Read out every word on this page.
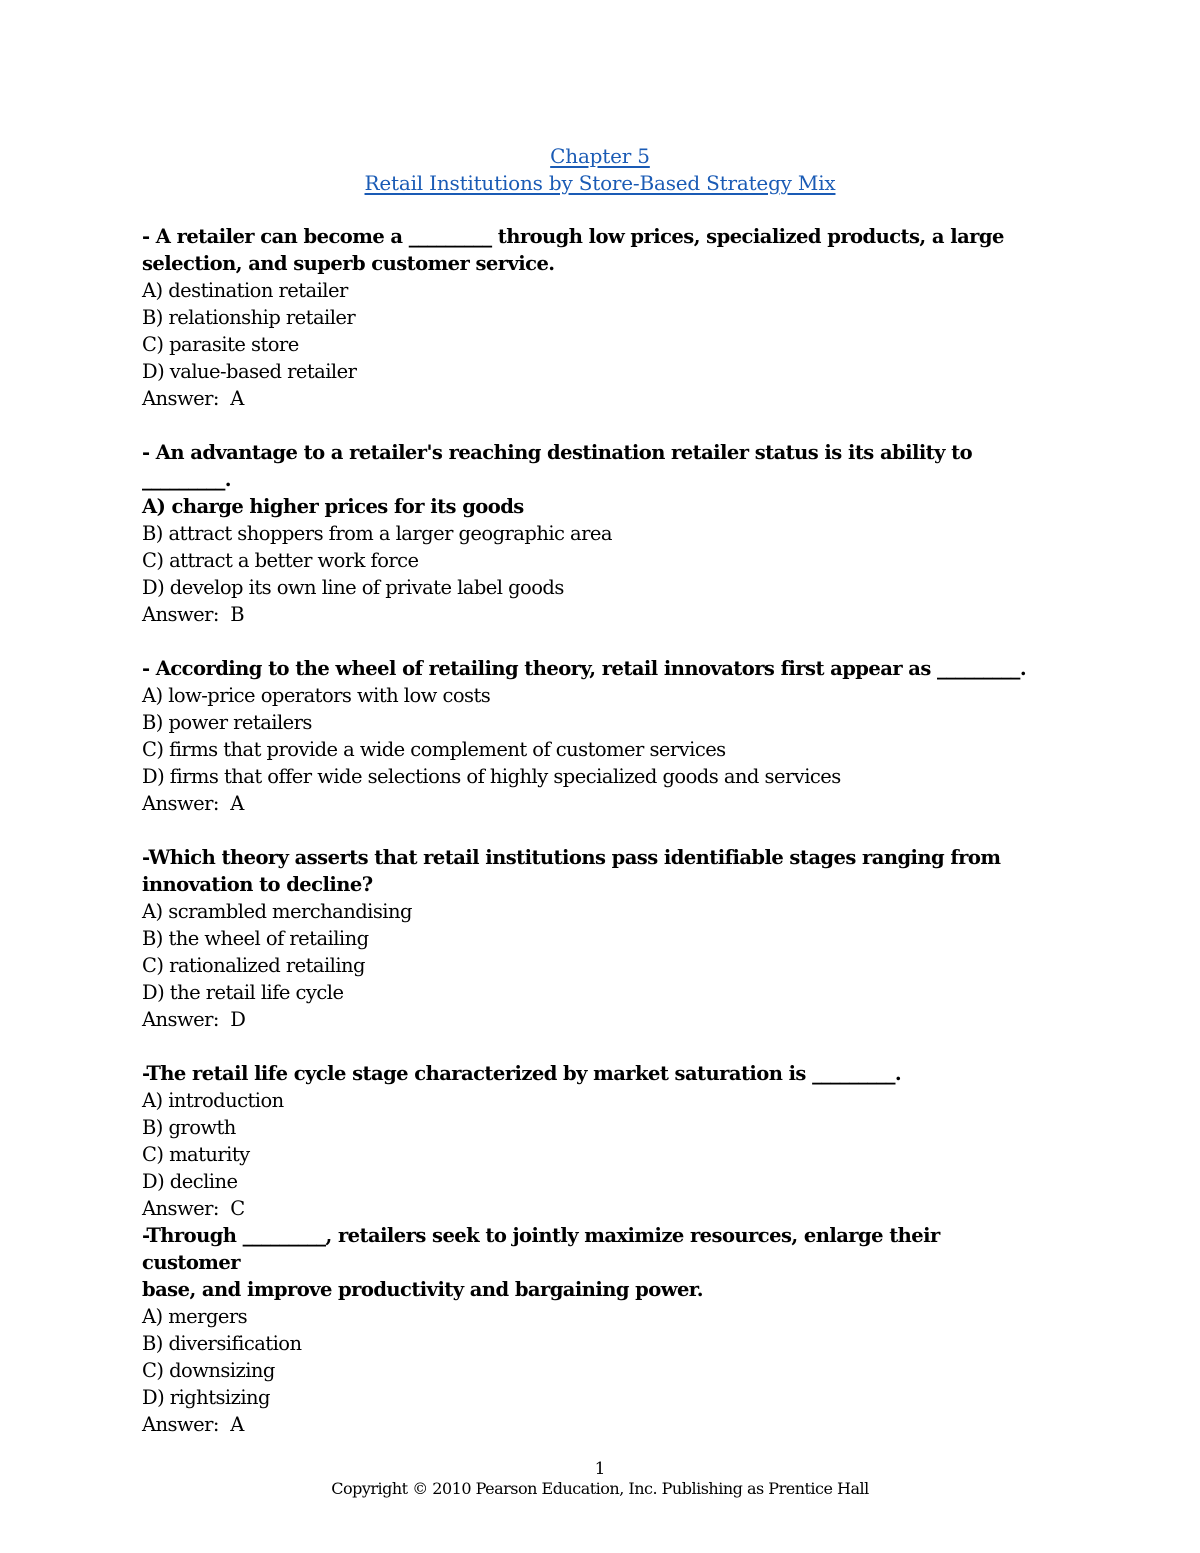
Chapter 5
Retail Institutions by Store-Based Strategy Mix
- A retailer can become a _________ through low prices, specialized products, a large
selection, and superb customer service.
A) destination retailer
B) relationship retailer
C) parasite store
D) value-based retailer
Answer:  A
- An advantage to a retailer's reaching destination retailer status is its ability to _________.
A) charge higher prices for its goods
B) attract shoppers from a larger geographic area
C) attract a better work force
D) develop its own line of private label goods
Answer:  B
- According to the wheel of retailing theory, retail innovators first appear as _________.
A) low-price operators with low costs
B) power retailers
C) firms that provide a wide complement of customer services
D) firms that offer wide selections of highly specialized goods and services
Answer:  A
-Which theory asserts that retail institutions pass identifiable stages ranging from
innovation to decline?
A) scrambled merchandising
B) the wheel of retailing
C) rationalized retailing
D) the retail life cycle
Answer:  D
-The retail life cycle stage characterized by market saturation is _________.
A) introduction
B) growth
C) maturity
D) decline
Answer:  C
-Through _________, retailers seek to jointly maximize resources, enlarge their customer
base, and improve productivity and bargaining power.
A) mergers
B) diversification
C) downsizing
D) rightsizing
Answer:  A
1
Copyright © 2010 Pearson Education, Inc. Publishing as Prentice Hall
